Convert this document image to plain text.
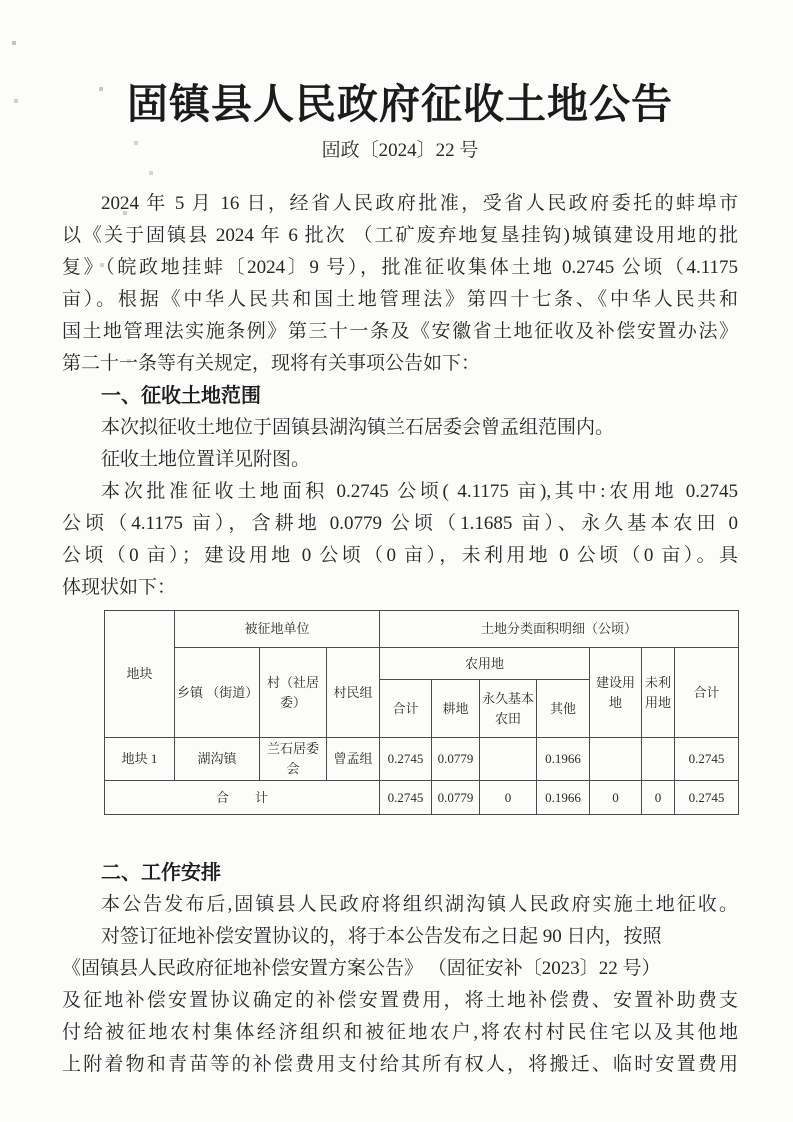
固镇县人民政府征收土地公告
固政〔2024〕22 号
2024 年 5 月 16 日，经省人民政府批准，受省人民政府委托的蚌埠市
以《关于固镇县 2024 年 6 批次 （工矿废弃地复垦挂钩)城镇建设用地的批
复》（皖政地挂蚌〔2024〕9 号），批准征收集体土地 0.2745 公顷（4.1175
亩）。根据《中华人民共和国土地管理法》第四十七条、《中华人民共和
国土地管理法实施条例》第三十一条及《安徽省土地征收及补偿安置办法》
第二十一条等有关规定，现将有关事项公告如下：
一、征收土地范围
本次拟征收土地位于固镇县湖沟镇兰石居委会曾孟组范围内。
征收土地位置详见附图。
本次批准征收土地面积 0.2745 公顷( 4.1175 亩),其中:农用地 0.2745
公顷（4.1175 亩），含耕地 0.0779 公顷（1.1685 亩）、永久基本农田 0
公顷（0 亩）；建设用地 0 公顷（0 亩），未利用地 0 公顷（0 亩）。具
体现状如下：
地块	被征地单位			土地分类面积明细（公顷）						
	乡镇 （街道）	村（社居委）	村民组	农用地				建设用地	未利用地	合计
				合计	耕地	永久基本农田	其他			
地块 1	湖沟镇	兰石居委会	曾孟组	0.2745	0.0779		0.1966			0.2745
合　　计				0.2745	0.0779	0	0.1966	0	0	0.2745
二、工作安排
本公告发布后,固镇县人民政府将组织湖沟镇人民政府实施土地征收。
对签订征地补偿安置协议的，将于本公告发布之日起 90 日内，按照
《固镇县人民政府征地补偿安置方案公告》 （固征安补〔2023〕22 号）
及征地补偿安置协议确定的补偿安置费用，将土地补偿费、安置补助费支
付给被征地农村集体经济组织和被征地农户,将农村村民住宅以及其他地
上附着物和青苗等的补偿费用支付给其所有权人，将搬迁、临时安置费用
